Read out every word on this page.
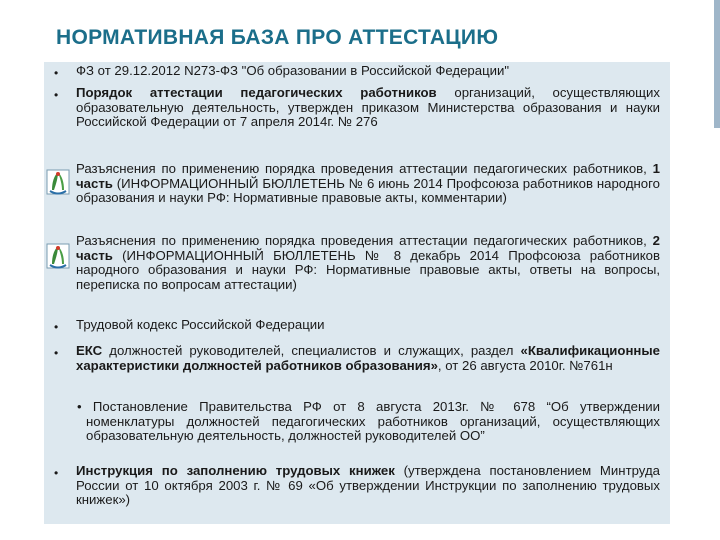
НОРМАТИВНАЯ БАЗА ПРО АТТЕСТАЦИЮ
• ФЗ от 29.12.2012 N273-ФЗ "Об образовании в Российской Федерации"
• Порядок аттестации педагогических работников организаций, осуществляющих образовательную деятельность, утвержден приказом Министерства образования и науки Российской Федерации от 7 апреля 2014г. № 276
Разъяснения по применению порядка проведения аттестации педагогических работников, 1 часть (ИНФОРМАЦИОННЫЙ БЮЛЛЕТЕНЬ № 6 июнь 2014 Профсоюза работников народного образования и науки РФ: Нормативные правовые акты, комментарии)
Разъяснения по применению порядка проведения аттестации педагогических работников, 2 часть (ИНФОРМАЦИОННЫЙ БЮЛЛЕТЕНЬ № 8 декабрь 2014 Профсоюза работников народного образования и науки РФ: Нормативные правовые акты, ответы на вопросы, переписка по вопросам аттестации)
• Трудовой кодекс Российской Федерации
• ЕКС должностей руководителей, специалистов и служащих, раздел «Квалификационные характеристики должностей работников образования», от 26 августа 2010г. №761н
• Постановление Правительства РФ от 8 августа 2013г. № 678 “Об утверждении номенклатуры должностей педагогических работников организаций, осуществляющих образовательную деятельность, должностей руководителей ОО”
• Инструкция по заполнению трудовых книжек (утверждена постановлением Минтруда России от 10 октября 2003 г. № 69 «Об утверждении Инструкции по заполнению трудовых книжек»)
